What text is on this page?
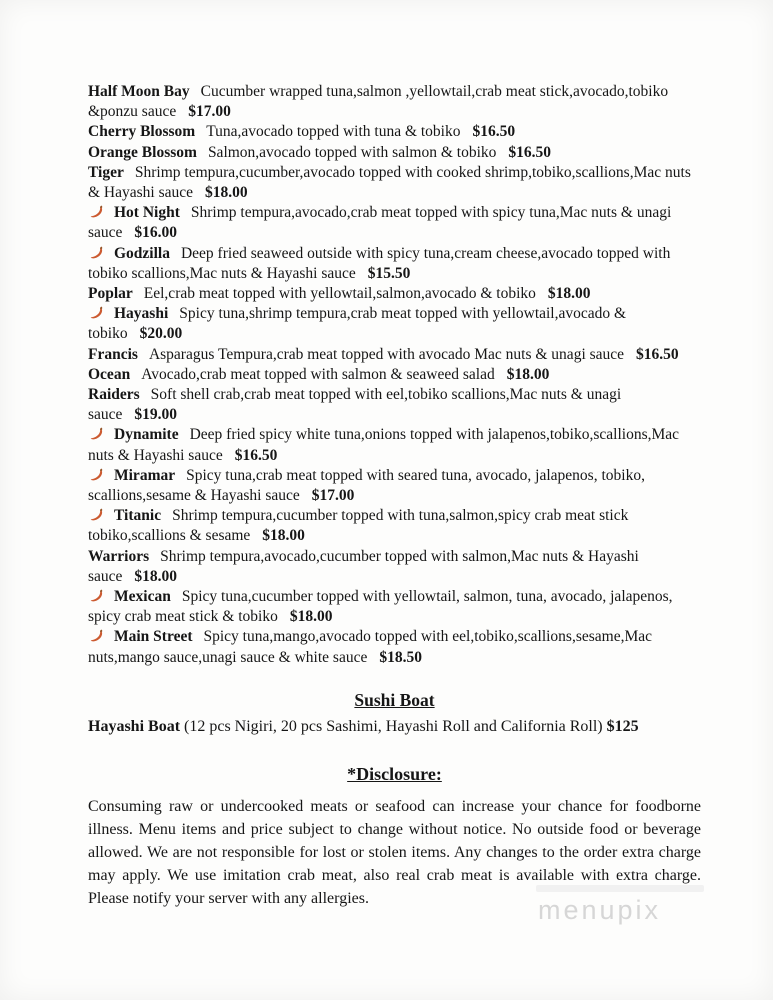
Half Moon Bay Cucumber wrapped tuna,salmon ,yellowtail,crab meat stick,avocado,tobiko &ponzu sauce $17.00

Cherry Blossom Tuna,avocado topped with tuna & tobiko $16.50

Orange Blossom Salmon,avocado topped with salmon & tobiko $16.50

Tiger Shrimp tempura,cucumber,avocado topped with cooked shrimp,tobiko,scallions,Mac nuts & Hayashi sauce $18.00

Hot Night Shrimp tempura,avocado,crab meat topped with spicy tuna,Mac nuts & unagi sauce $16.00

Godzilla Deep fried seaweed outside with spicy tuna,cream cheese,avocado topped with tobiko scallions,Mac nuts & Hayashi sauce $15.50

Poplar Eel,crab meat topped with yellowtail,salmon,avocado & tobiko $18.00

Hayashi Spicy tuna,shrimp tempura,crab meat topped with yellowtail,avocado & tobiko $20.00

Francis Asparagus Tempura,crab meat topped with avocado Mac nuts & unagi sauce $16.50

Ocean Avocado,crab meat topped with salmon & seaweed salad $18.00

Raiders Soft shell crab,crab meat topped with eel,tobiko scallions,Mac nuts & unagi sauce $19.00

Dynamite Deep fried spicy white tuna,onions topped with jalapenos,tobiko,scallions,Mac nuts & Hayashi sauce $16.50

Miramar Spicy tuna,crab meat topped with seared tuna, avocado, jalapenos, tobiko, scallions,sesame & Hayashi sauce $17.00

Titanic Shrimp tempura,cucumber topped with tuna,salmon,spicy crab meat stick tobiko,scallions & sesame $18.00

Warriors Shrimp tempura,avocado,cucumber topped with salmon,Mac nuts & Hayashi sauce $18.00

Mexican Spicy tuna,cucumber topped with yellowtail, salmon, tuna, avocado, jalapenos, spicy crab meat stick & tobiko $18.00

Main Street Spicy tuna,mango,avocado topped with eel,tobiko,scallions,sesame,Mac nuts,mango sauce,unagi sauce & white sauce $18.50

Sushi Boat

Hayashi Boat (12 pcs Nigiri, 20 pcs Sashimi, Hayashi Roll and California Roll) $125

*Disclosure:

Consuming raw or undercooked meats or seafood can increase your chance for foodborne illness. Menu items and price subject to change without notice. No outside food or beverage allowed. We are not responsible for lost or stolen items. Any changes to the order extra charge may apply. We use imitation crab meat, also real crab meat is available with extra charge. Please notify your server with any allergies.	menupix
